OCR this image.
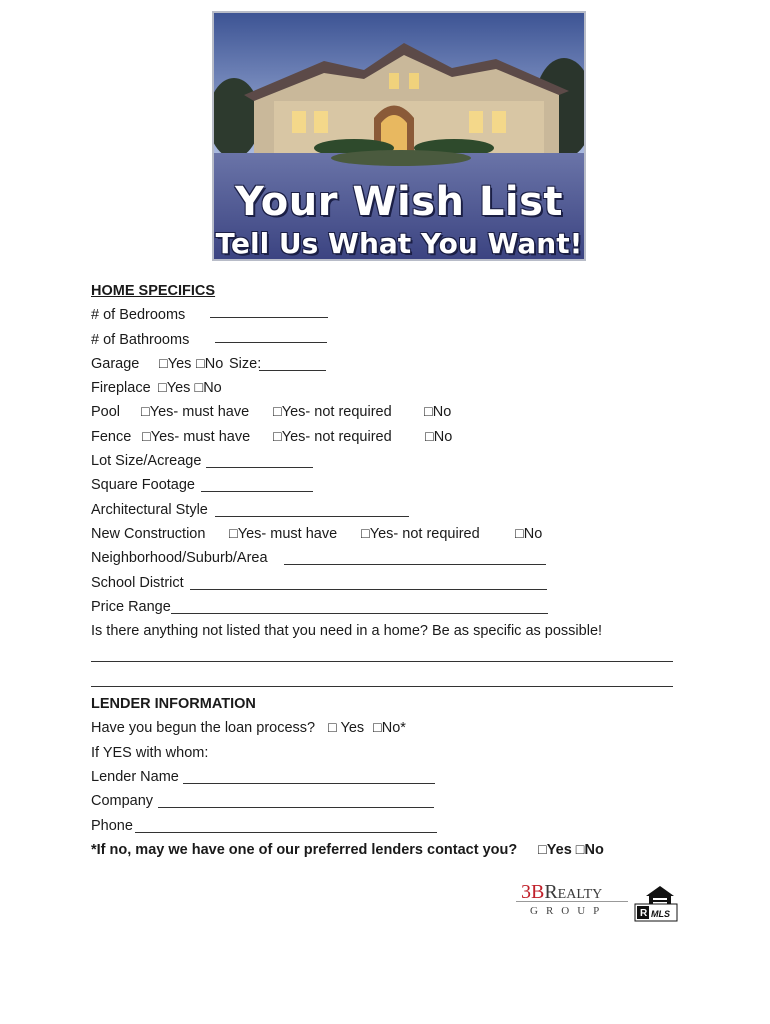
Your Wish List
Tell Us What You Want!
HOME SPECIFICS
# of Bedrooms
# of Bathrooms
Garage □Yes □No Size:
Fireplace □Yes □No
Pool □Yes- must have □Yes- not required □No
Fence □Yes- must have □Yes- not required □No
Lot Size/Acreage
Square Footage
Architectural Style
New Construction □Yes- must have □Yes- not required □No
Neighborhood/Suburb/Area
School District
Price Range
Is there anything not listed that you need in a home? Be as specific as possible!
LENDER INFORMATION
Have you begun the loan process? □ Yes □No*
If YES with whom:
Lender Name
Company
Phone
*If no, may we have one of our preferred lenders contact you? □Yes □No
3BRealty
GROUP	R MLS
